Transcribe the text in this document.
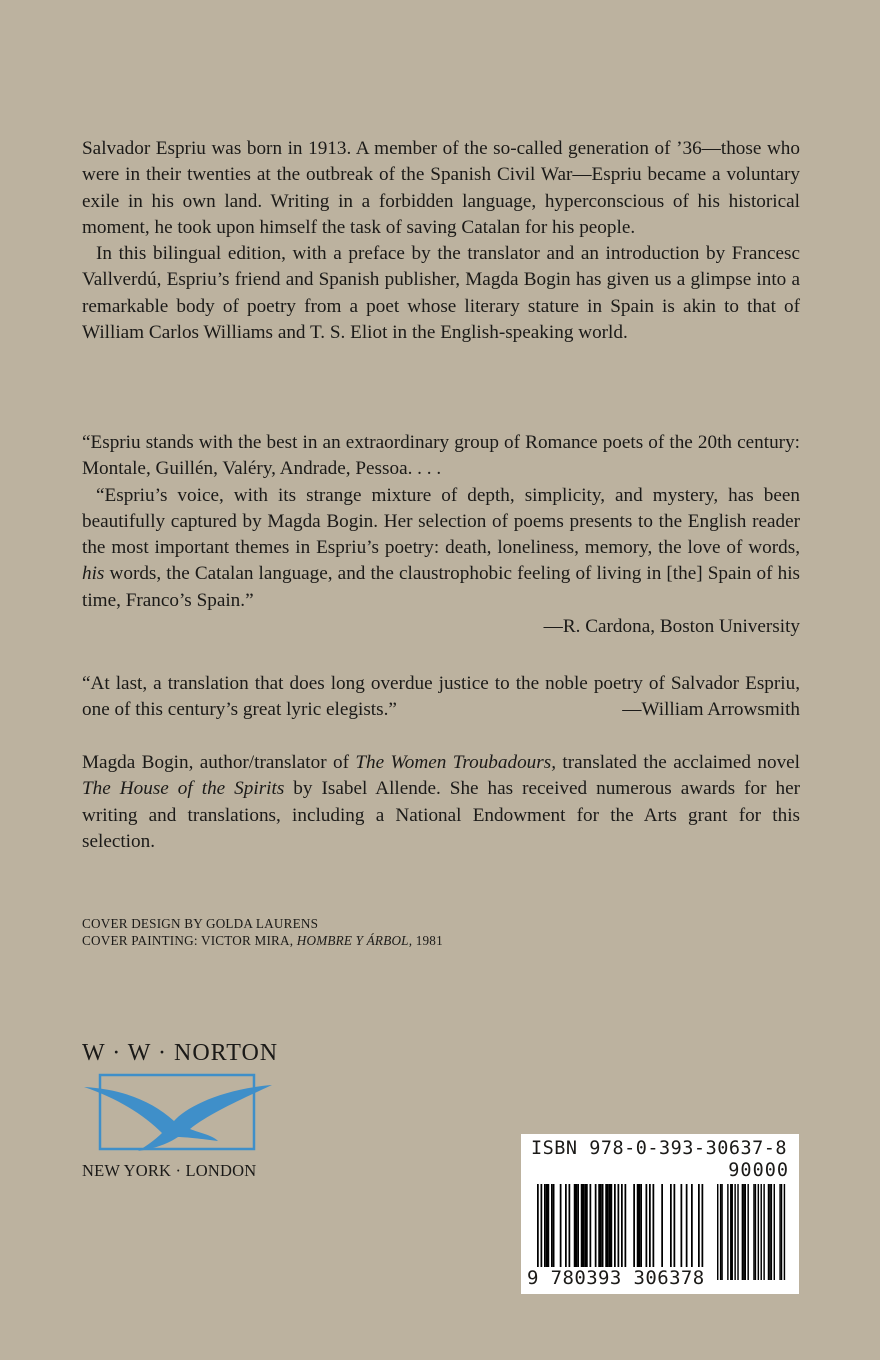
Salvador Espriu was born in 1913. A member of the so-called generation of ’36—those who were in their twenties at the outbreak of the Spanish Civil War—Espriu became a voluntary exile in his own land. Writing in a forbidden language, hyperconscious of his historical moment, he took upon himself the task of saving Catalan for his people.

In this bilingual edition, with a preface by the translator and an introduction by Francesc Vallverdú, Espriu’s friend and Spanish publisher, Magda Bogin has given us a glimpse into a remarkable body of poetry from a poet whose literary stature in Spain is akin to that of William Carlos Williams and T. S. Eliot in the English-speaking world.

“Espriu stands with the best in an extraordinary group of Romance poets of the 20th century: Montale, Guillén, Valéry, Andrade, Pessoa. . . .

“Espriu’s voice, with its strange mixture of depth, simplicity, and mystery, has been beautifully captured by Magda Bogin. Her selection of poems presents to the English reader the most important themes in Espriu’s poetry: death, loneliness, memory, the love of words, his words, the Catalan language, and the claustrophobic feeling of living in [the] Spain of his time, Franco’s Spain.”

—R. Cardona, Boston University

“At last, a translation that does long overdue justice to the noble poetry of Salvador Espriu, one of this century’s great lyric elegists.”	—William Arrowsmith

Magda Bogin, author/translator of The Women Troubadours, translated the acclaimed novel The House of the Spirits by Isabel Allende. She has received numerous awards for her writing and translations, including a National Endowment for the Arts grant for this selection.

COVER DESIGN BY GOLDA LAURENS
COVER PAINTING: VICTOR MIRA, HOMBRE Y ÁRBOL, 1981
W · W · NORTON
NEW YORK · LONDON
ISBN 978-0-393-30637-8
90000
9 780393 306378
